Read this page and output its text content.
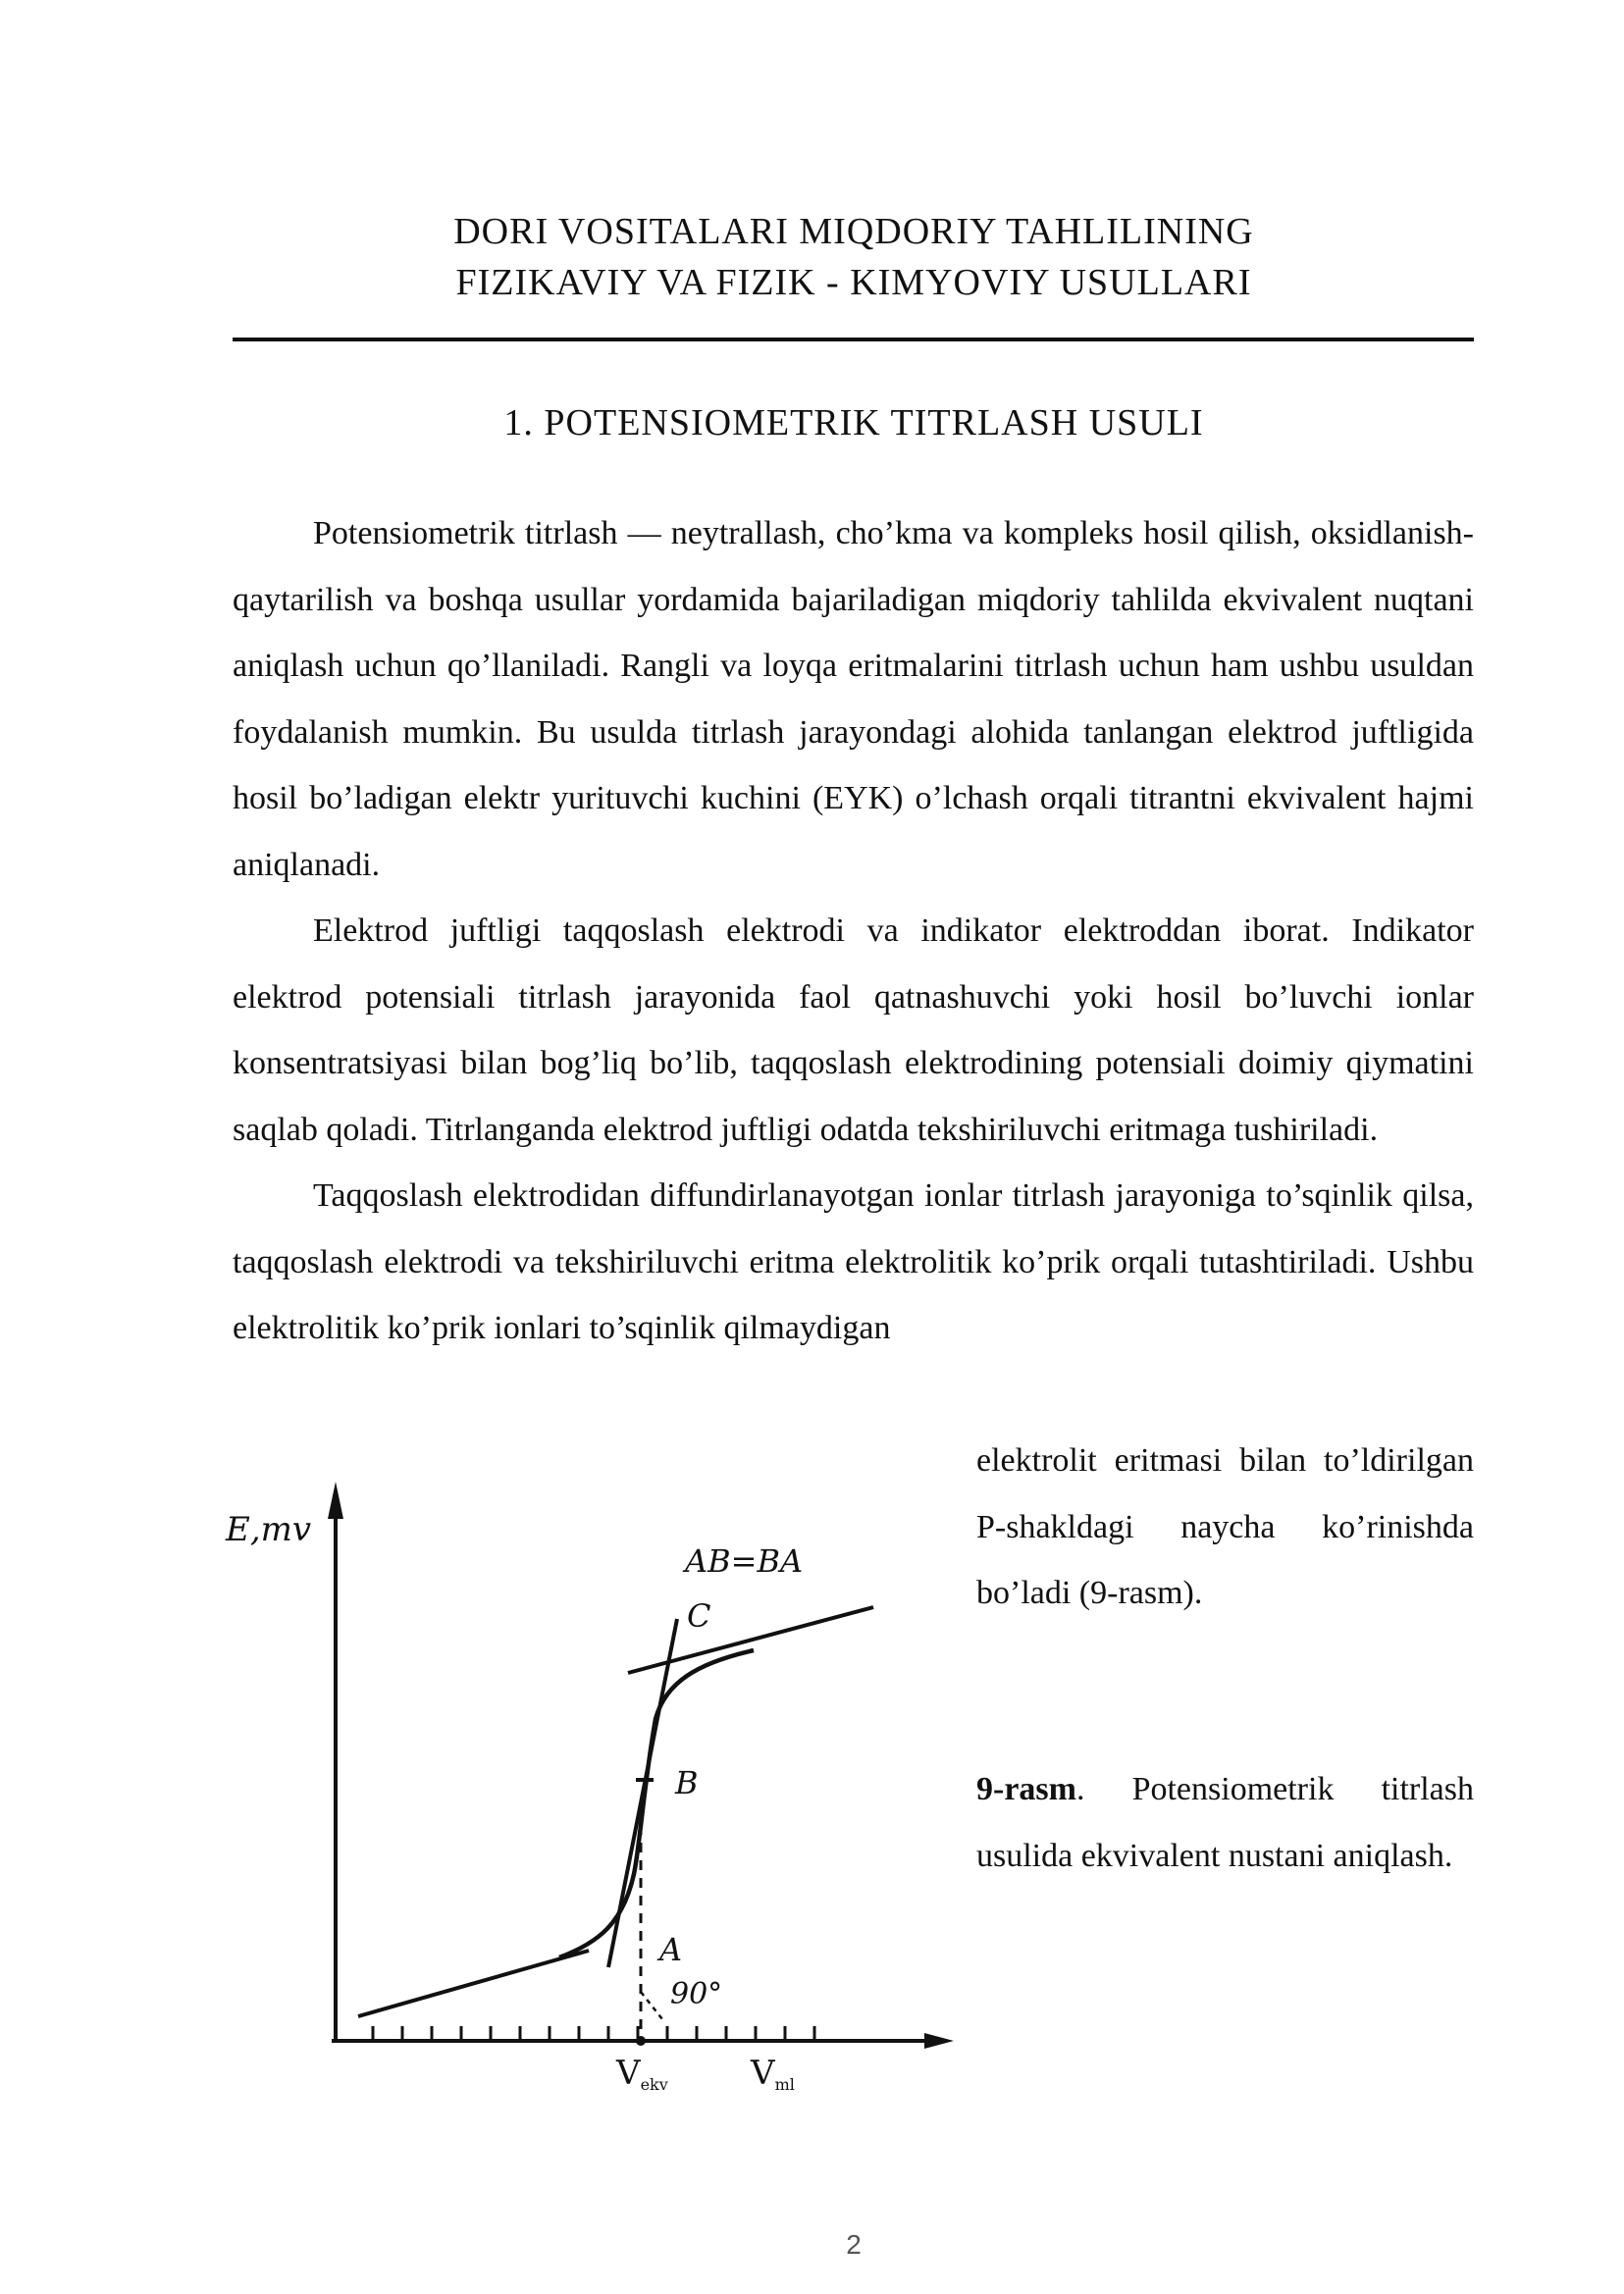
DORI VOSITALARI MIQDORIY TAHLILINING
FIZIKAVIY VA FIZIK - KIMYOVIY USULLARI
1. POTENSIOMETRIK TITRLASH USULI

Potensiometrik titrlash — neytrallash, cho’kma va kompleks hosil qilish, oksidlanish-qaytarilish va boshqa usullar yordamida bajariladigan miqdoriy tahlilda ekvivalent nuqtani aniqlash uchun qo’llaniladi. Rangli va loyqa eritmalarini titrlash uchun ham ushbu usuldan foydalanish mumkin. Bu usulda titrlash jarayondagi alohida tanlangan elektrod juftligida hosil bo’ladigan elektr yurituvchi kuchini (EYK) o’lchash orqali titrantni ekvivalent hajmi aniqlanadi.

Elektrod juftligi taqqoslash elektrodi va indikator elektroddan iborat. Indikator elektrod potensiali titrlash jarayonida faol qatnashuvchi yoki hosil bo’luvchi ionlar konsentratsiyasi bilan bog’liq bo’lib, taqqoslash elektrodining potensiali doimiy qiymatini saqlab qoladi. Titrlanganda elektrod juftligi odatda tekshiriluvchi eritmaga tushiriladi.

Taqqoslash elektrodidan diffundirlanayotgan ionlar titrlash jarayoniga to’sqinlik qilsa, taqqoslash elektrodi va tekshiriluvchi eritma elektrolitik ko’prik orqali tutashtiriladi. Ushbu elektrolitik ko’prik ionlari to’sqinlik qilmaydigan

elektrolit eritmasi bilan to’ldirilgan P-shakldagi naycha ko’rinishda bo’ladi (9-rasm).

9-rasm. Potensiometrik titrlash usulida ekvivalent nustani aniqlash.
E,mv
AB=BA
C
B
A
90°
Vekv Vml
2
